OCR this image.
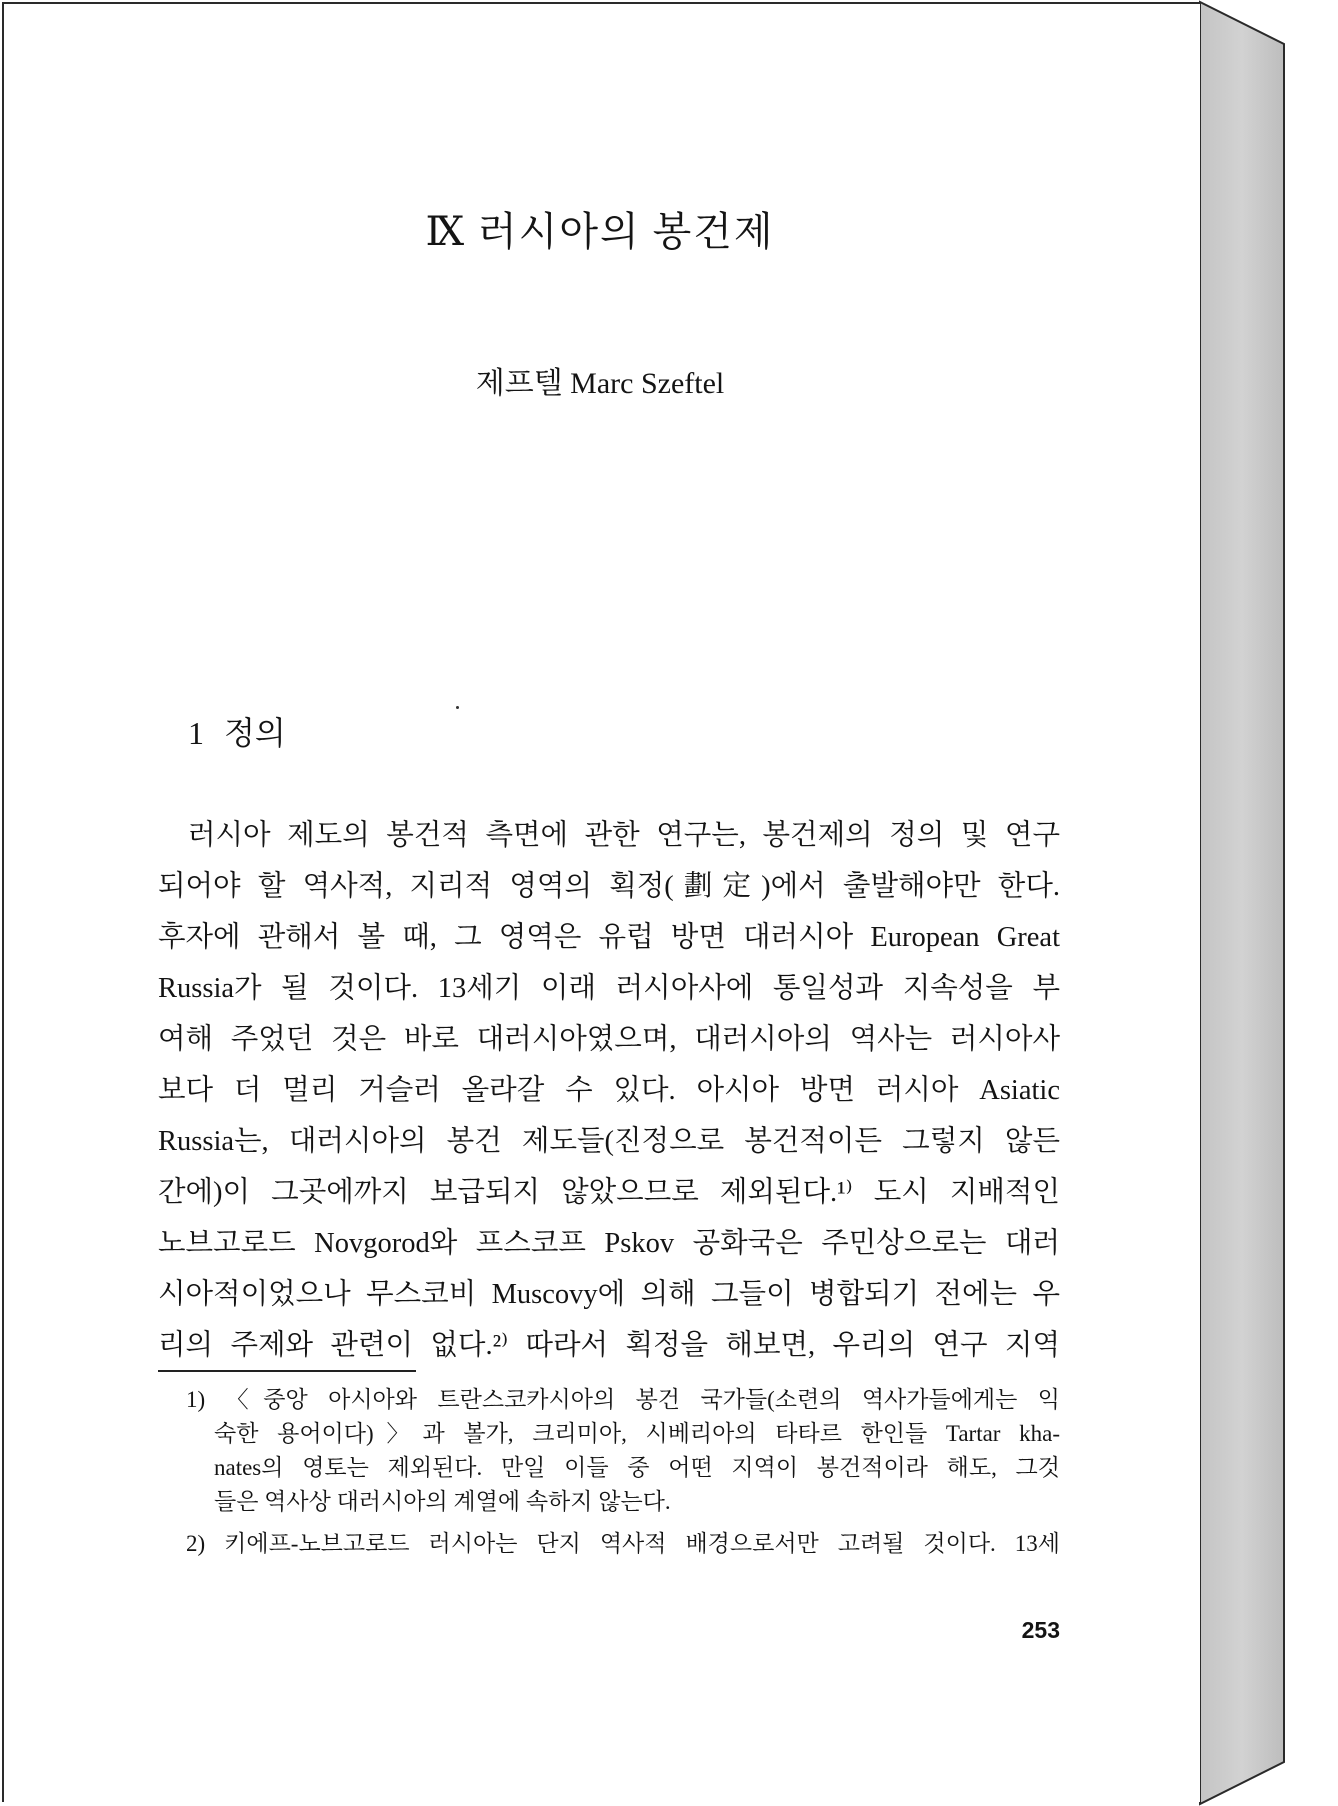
Ⅸ 러시아의 봉건제
제프텔 Marc Szeftel
1 정의
러시아 제도의 봉건적 측면에 관한 연구는, 봉건제의 정의 및 연구
되어야 할 역사적, 지리적 영역의 획정(劃定)에서 출발해야만 한다.
후자에 관해서 볼 때, 그 영역은 유럽 방면 대러시아 European Great
Russia가 될 것이다. 13세기 이래 러시아사에 통일성과 지속성을 부
여해 주었던 것은 바로 대러시아였으며, 대러시아의 역사는 러시아사
보다 더 멀리 거슬러 올라갈 수 있다. 아시아 방면 러시아 Asiatic
Russia는, 대러시아의 봉건 제도들(진정으로 봉건적이든 그렇지 않든
간에)이 그곳에까지 보급되지 않았으므로 제외된다.¹⁾ 도시 지배적인
노브고로드 Novgorod와 프스코프 Pskov 공화국은 주민상으로는 대러
시아적이었으나 무스코비 Muscovy에 의해 그들이 병합되기 전에는 우
리의 주제와 관련이 없다.²⁾ 따라서 획정을 해보면, 우리의 연구 지역
1) 〈중앙 아시아와 트란스코카시아의 봉건 국가들(소련의 역사가들에게는 익
숙한 용어이다)〉과 볼가, 크리미아, 시베리아의 타타르 한인들 Tartar kha-
nates의 영토는 제외된다. 만일 이들 중 어떤 지역이 봉건적이라 해도, 그것
들은 역사상 대러시아의 계열에 속하지 않는다.
2) 키에프-노브고로드 러시아는 단지 역사적 배경으로서만 고려될 것이다. 13세
253
